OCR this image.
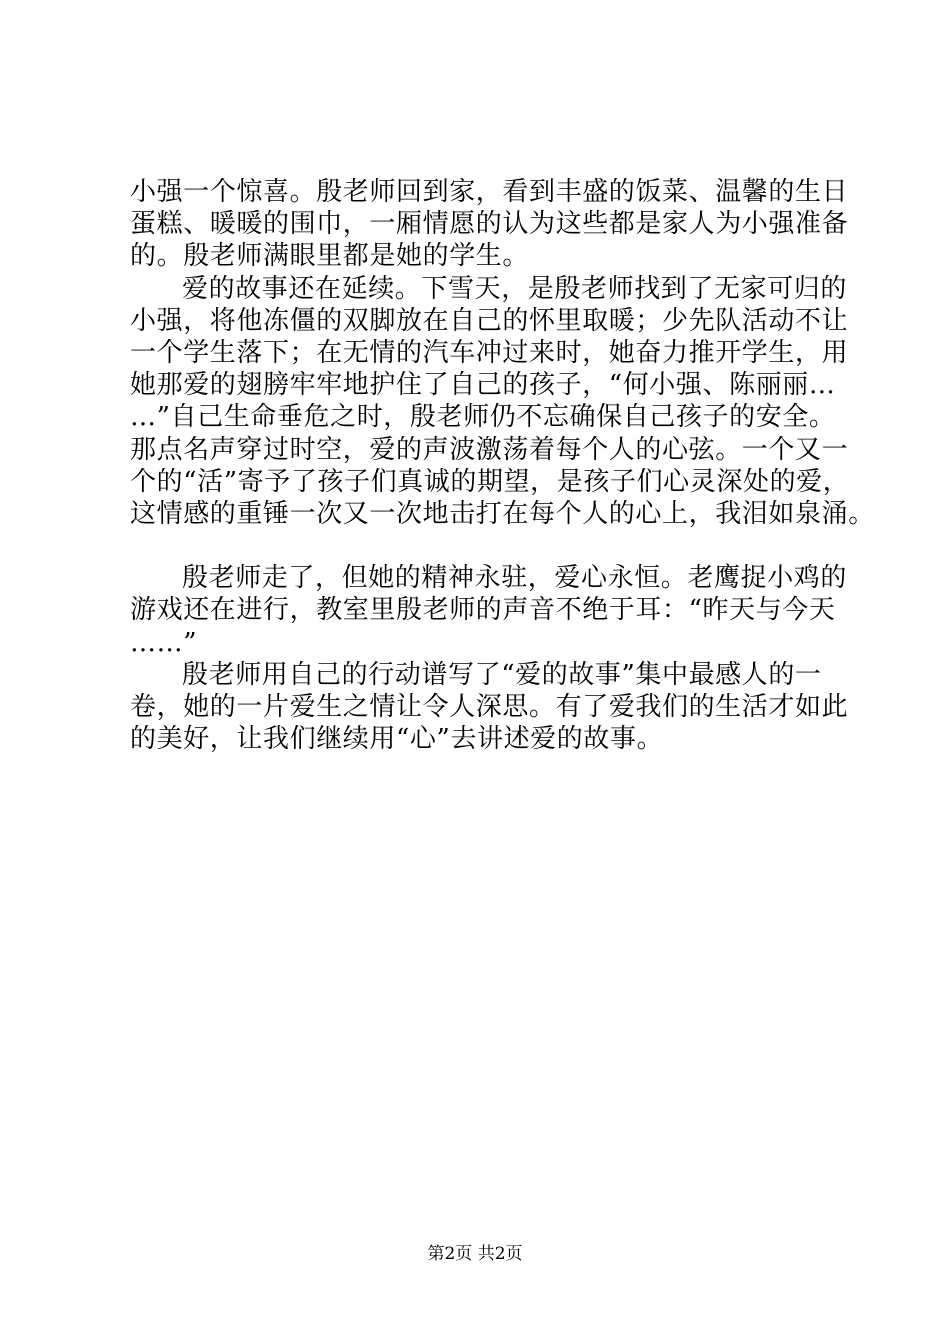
小强一个惊喜。殷老师回到家，看到丰盛的饭菜、温馨的生日
蛋糕、暖暖的围巾，一厢情愿的认为这些都是家人为小强准备
的。殷老师满眼里都是她的学生。
爱的故事还在延续。下雪天，是殷老师找到了无家可归的
小强，将他冻僵的双脚放在自己的怀里取暖；少先队活动不让
一个学生落下；在无情的汽车冲过来时，她奋力推开学生，用
她那爱的翅膀牢牢地护住了自己的孩子，“何小强、陈丽丽…
…”自己生命垂危之时，殷老师仍不忘确保自己孩子的安全。
那点名声穿过时空，爱的声波激荡着每个人的心弦。一个又一
个的“活”寄予了孩子们真诚的期望，是孩子们心灵深处的爱，
这情感的重锤一次又一次地击打在每个人的心上，我泪如泉涌。
殷老师走了，但她的精神永驻，爱心永恒。老鹰捉小鸡的
游戏还在进行，教室里殷老师的声音不绝于耳：“昨天与今天
……”
殷老师用自己的行动谱写了“爱的故事”集中最感人的一
卷，她的一片爱生之情让令人深思。有了爱我们的生活才如此
的美好，让我们继续用“心”去讲述爱的故事。
第2页 共2页
